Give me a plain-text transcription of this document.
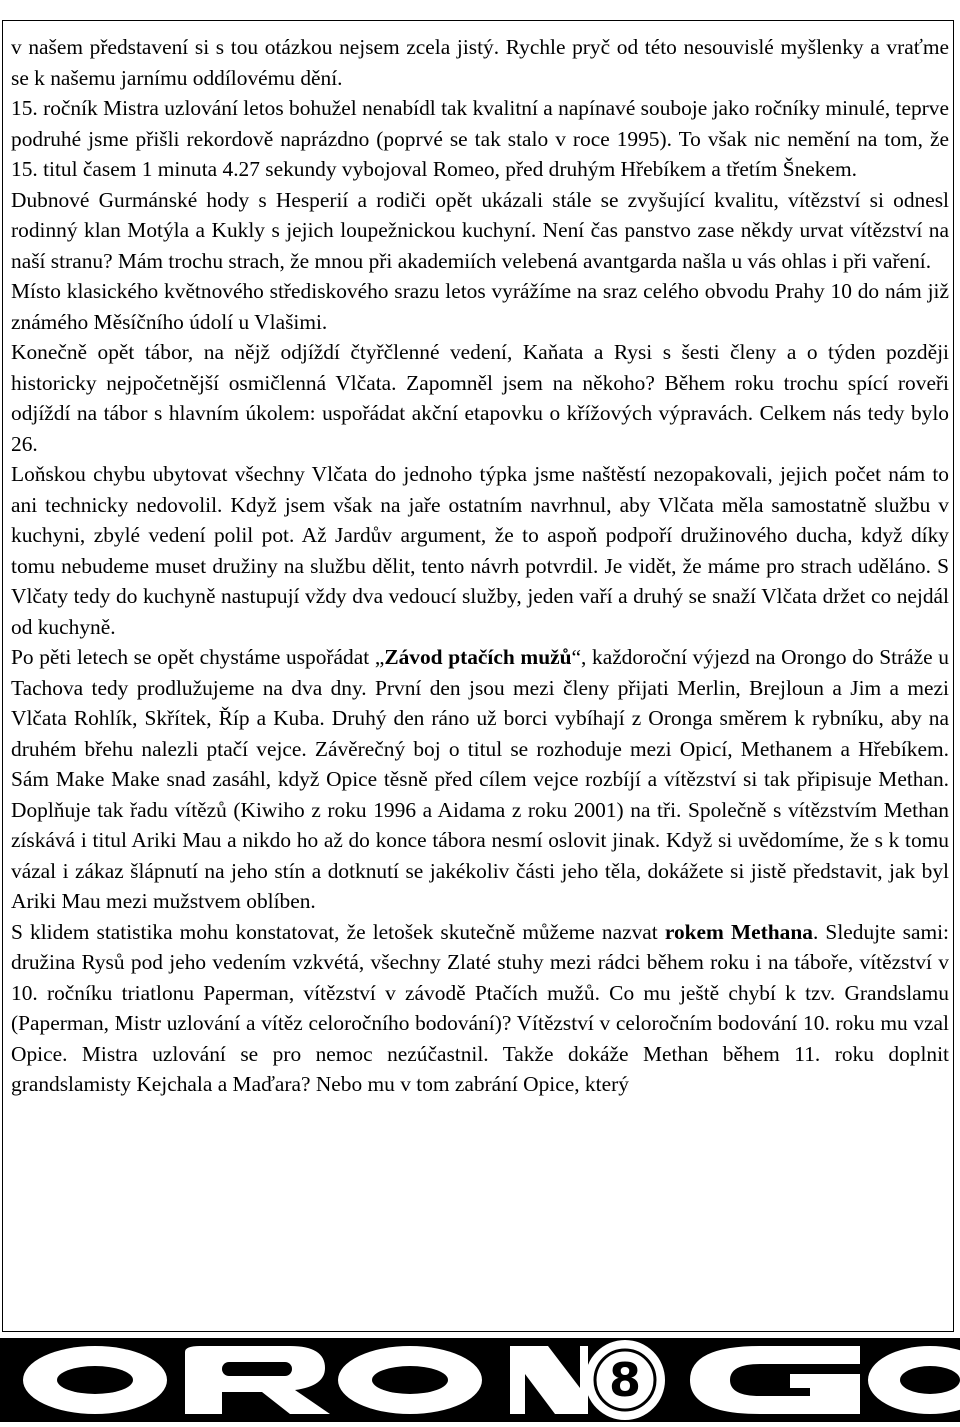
v našem představení si s tou otázkou nejsem zcela jistý. Rychle pryč od této nesouvislé myšlenky a vraťme se k našemu jarnímu oddílovému dění.

15. ročník Mistra uzlování letos bohužel nenabídl tak kvalitní a napínavé souboje jako ročníky minulé, teprve podruhé jsme přišli rekordově naprázdno (poprvé se tak stalo v roce 1995). To však nic nemění na tom, že 15. titul časem 1 minuta 4.27 sekundy vybojoval Romeo, před druhým Hřebíkem a třetím Šnekem.

Dubnové Gurmánské hody s Hesperií a rodiči opět ukázali stále se zvyšující kvalitu, vítězství si odnesl rodinný klan Motýla a Kukly s jejich loupežnickou kuchyní. Není čas panstvo zase někdy urvat vítězství na naší stranu? Mám trochu strach, že mnou při akademiích velebená avantgarda našla u vás ohlas i při vaření.

Místo klasického květnového střediskového srazu letos vyrážíme na sraz celého obvodu Prahy 10 do nám již známého Měsíčního údolí u Vlašimi.

Konečně opět tábor, na nějž odjíždí čtyřčlenné vedení, Kaňata a Rysi s šesti členy a o týden později historicky nejpočetnější osmičlenná Vlčata. Zapomněl jsem na někoho? Během roku trochu spící roveři odjíždí na tábor s hlavním úkolem: uspořádat akční etapovku o křížových výpravách. Celkem nás tedy bylo 26.

Loňskou chybu ubytovat všechny Vlčata do jednoho týpka jsme naštěstí nezopakovali, jejich počet nám to ani technicky nedovolil. Když jsem však na jaře ostatním navrhnul, aby Vlčata měla samostatně službu v kuchyni, zbylé vedení polil pot. Až Jardův argument, že to aspoň podpoří družinového ducha, když díky tomu nebudeme muset družiny na službu dělit, tento návrh potvrdil. Je vidět, že máme pro strach uděláno. S Vlčaty tedy do kuchyně nastupují vždy dva vedoucí služby, jeden vaří a druhý se snaží Vlčata držet co nejdál od kuchyně.

Po pěti letech se opět chystáme uspořádat „Závod ptačích mužů“, každoroční výjezd na Orongo do Stráže u Tachova tedy prodlužujeme na dva dny. První den jsou mezi členy přijati Merlin, Brejloun a Jim a mezi Vlčata Rohlík, Skřítek, Říp a Kuba. Druhý den ráno už borci vybíhají z Oronga směrem k rybníku, aby na druhém břehu nalezli ptačí vejce. Závěrečný boj o titul se rozhoduje mezi Opicí, Methanem a Hřebíkem. Sám Make Make snad zasáhl, když Opice těsně před cílem vejce rozbíjí a vítězství si tak připisuje Methan. Doplňuje tak řadu vítězů (Kiwiho z roku 1996 a Aidama z roku 2001) na tři. Společně s vítězstvím Methan získává i titul Ariki Mau a nikdo ho až do konce tábora nesmí oslovit jinak. Když si uvědomíme, že s k tomu vázal i zákaz šlápnutí na jeho stín a dotknutí se jakékoliv části jeho těla, dokážete si jistě představit, jak byl Ariki Mau mezi mužstvem oblíben.

S klidem statistika mohu konstatovat, že letošek skutečně můžeme nazvat rokem Methana. Sledujte sami: družina Rysů pod jeho vedením vzkvétá, všechny Zlaté stuhy mezi rádci během roku i na táboře, vítězství v 10. ročníku triatlonu Paperman, vítězství v závodě Ptačích mužů. Co mu ještě chybí k tzv. Grandslamu (Paperman, Mistr uzlování a vítěz celoročního bodování)? Vítězství v celoročním bodování 10. roku mu vzal Opice. Mistra uzlování se pro nemoc nezúčastnil. Takže dokáže Methan během 11. roku doplnit grandslamisty Kejchala a Maďara? Nebo mu v tom zabrání Opice, který

8
